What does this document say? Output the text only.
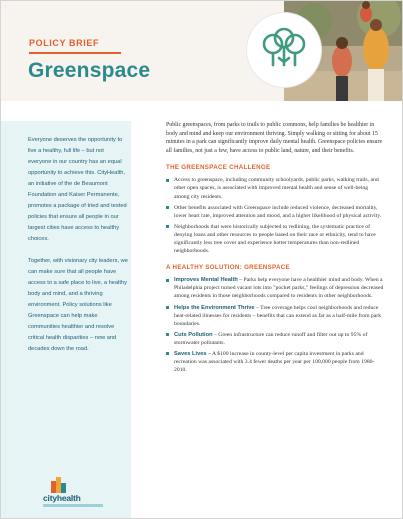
POLICY BRIEF
Greenspace

Everyone deserves the opportunity to live a healthy, full life – but not everyone in our country has an equal opportunity to achieve this. CityHealth, an initiative of the de Beaumont Foundation and Kaiser Permanente, promotes a package of tried and tested policies that ensure all people in our largest cities have access to healthy choices.

Together, with visionary city leaders, we can make sure that all people have access to a safe place to live, a healthy body and mind, and a thriving environment. Policy solutions like Greenspace can help make communities healthier and resolve critical health disparities – now and decades down the road.

cityhealth

Public greenspaces, from parks to trails to public commons, help families be healthier in body and mind and keep our environment thriving. Simply walking or sitting for about 15 minutes in a park can significantly improve daily mental health. Greenspace policies ensure all families, not just a few, have access to public land, nature, and their benefits.

THE GREENSPACE CHALLENGE
Access to greenspace, including community schoolyards, public parks, walking trails, and other open spaces, is associated with improved mental health and sense of well-being among city residents.
Other benefits associated with Greenspace include reduced violence, decreased mortality, lower heart rate, improved attention and mood, and a higher likelihood of physical activity.
Neighborhoods that were historically subjected to redlining, the systematic practice of denying loans and other resources to people based on their race or ethnicity, tend to have significantly less tree cover and experience hotter temperatures than non-redlined neighborhoods.
A HEALTHY SOLUTION: GREENSPACE
Improves Mental Health – Parks help everyone have a healthier mind and body. When a Philadelphia project turned vacant lots into "pocket parks," feelings of depression decreased among residents in those neighborhoods compared to residents in other neighborhoods.
Helps the Environment Thrive – Tree coverage helps cool neighborhoods and reduce heat-related illnesses for residents – benefits that can extend as far as a half-mile from park boundaries.
Cuts Pollution – Green infrastructure can reduce runoff and filter out up to 95% of stormwater pollutants.
Saves Lives – A $100 increase in county-level per capita investment in parks and recreation was associated with 3.4 fewer deaths per year per 100,000 people from 1980-2010.
